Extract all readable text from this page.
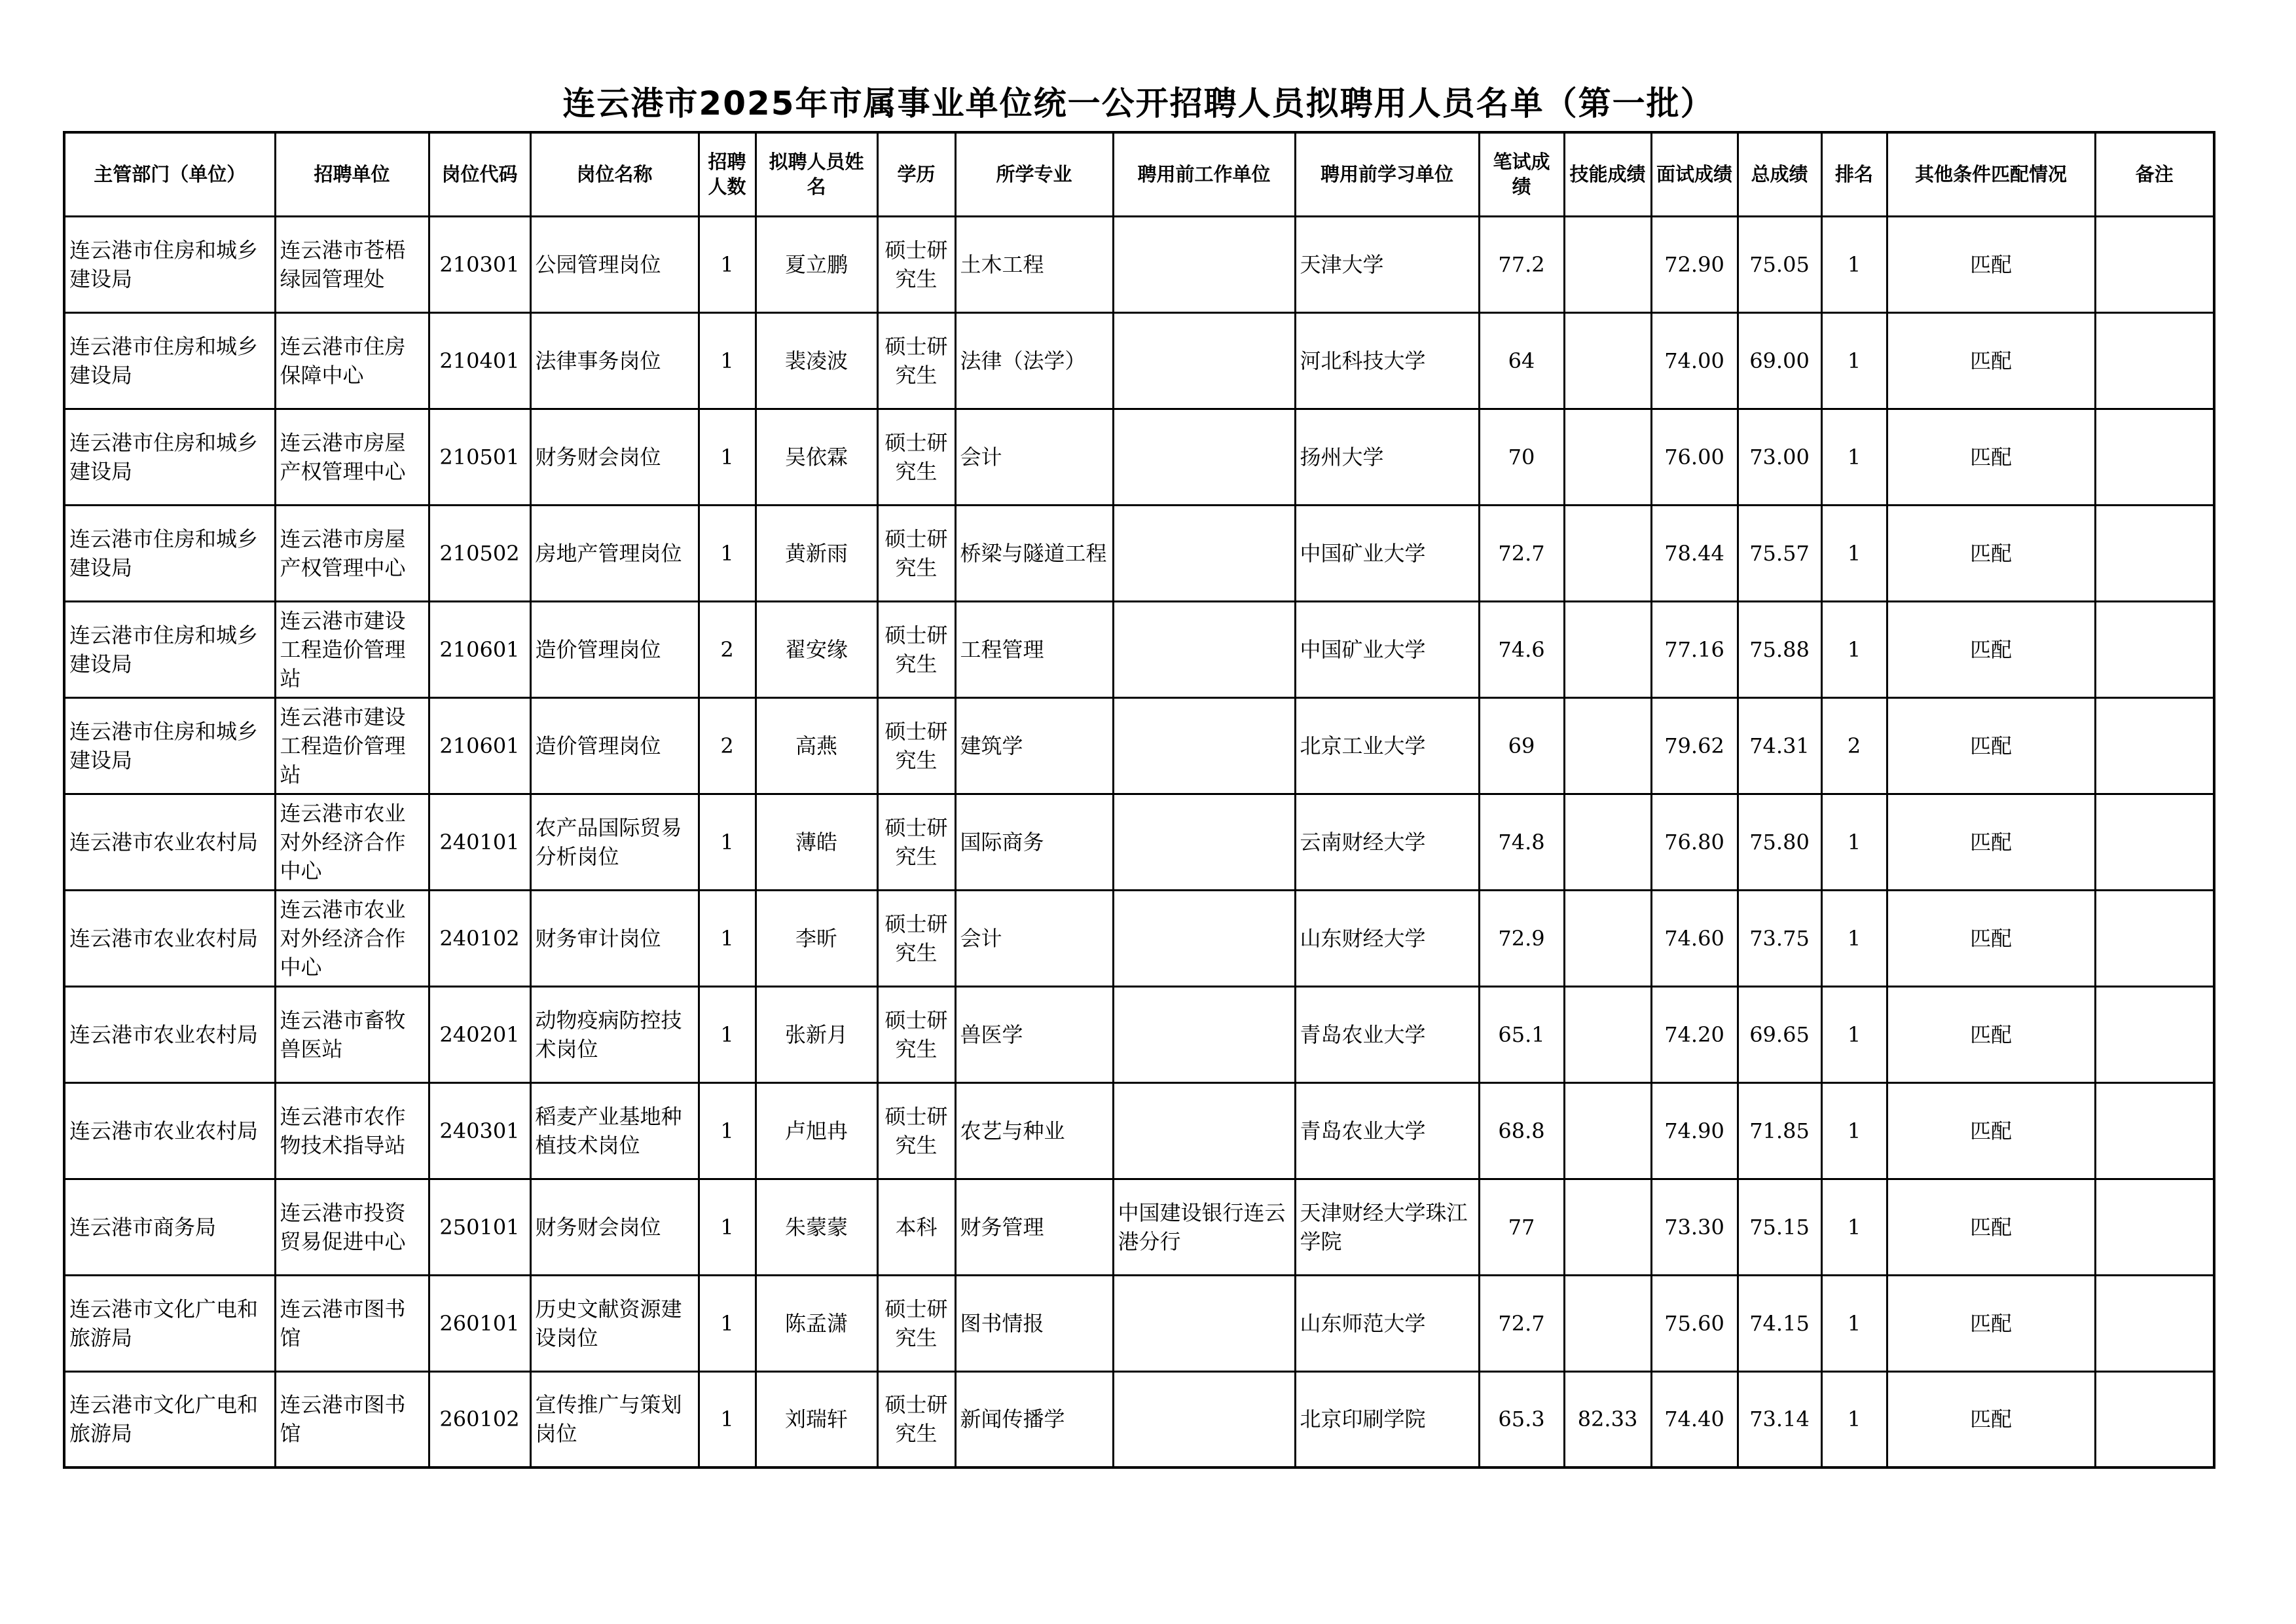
连云港市2025年市属事业单位统一公开招聘人员拟聘用人员名单（第一批）
主管部门（单位）	招聘单位	岗位代码	岗位名称	招聘人数	拟聘人员姓名	学历	所学专业	聘用前工作单位	聘用前学习单位	笔试成绩	技能成绩	面试成绩	总成绩	排名	其他条件匹配情况	备注
连云港市住房和城乡建设局	连云港市苍梧绿园管理处	210301	公园管理岗位	1	夏立鹏	硕士研究生	土木工程		天津大学	77.2		72.90	75.05	1	匹配	
连云港市住房和城乡建设局	连云港市住房保障中心	210401	法律事务岗位	1	裴凌波	硕士研究生	法律（法学）		河北科技大学	64		74.00	69.00	1	匹配	
连云港市住房和城乡建设局	连云港市房屋产权管理中心	210501	财务财会岗位	1	吴依霖	硕士研究生	会计		扬州大学	70		76.00	73.00	1	匹配	
连云港市住房和城乡建设局	连云港市房屋产权管理中心	210502	房地产管理岗位	1	黄新雨	硕士研究生	桥梁与隧道工程		中国矿业大学	72.7		78.44	75.57	1	匹配	
连云港市住房和城乡建设局	连云港市建设工程造价管理站	210601	造价管理岗位	2	翟安缘	硕士研究生	工程管理		中国矿业大学	74.6		77.16	75.88	1	匹配	
连云港市住房和城乡建设局	连云港市建设工程造价管理站	210601	造价管理岗位	2	高燕	硕士研究生	建筑学		北京工业大学	69		79.62	74.31	2	匹配	
连云港市农业农村局	连云港市农业对外经济合作中心	240101	农产品国际贸易分析岗位	1	薄皓	硕士研究生	国际商务		云南财经大学	74.8		76.80	75.80	1	匹配	
连云港市农业农村局	连云港市农业对外经济合作中心	240102	财务审计岗位	1	李昕	硕士研究生	会计		山东财经大学	72.9		74.60	73.75	1	匹配	
连云港市农业农村局	连云港市畜牧兽医站	240201	动物疫病防控技术岗位	1	张新月	硕士研究生	兽医学		青岛农业大学	65.1		74.20	69.65	1	匹配	
连云港市农业农村局	连云港市农作物技术指导站	240301	稻麦产业基地种植技术岗位	1	卢旭冉	硕士研究生	农艺与种业		青岛农业大学	68.8		74.90	71.85	1	匹配	
连云港市商务局	连云港市投资贸易促进中心	250101	财务财会岗位	1	朱蒙蒙	本科	财务管理	中国建设银行连云港分行	天津财经大学珠江学院	77		73.30	75.15	1	匹配	
连云港市文化广电和旅游局	连云港市图书馆	260101	历史文献资源建设岗位	1	陈孟潇	硕士研究生	图书情报		山东师范大学	72.7		75.60	74.15	1	匹配	
连云港市文化广电和旅游局	连云港市图书馆	260102	宣传推广与策划岗位	1	刘瑞轩	硕士研究生	新闻传播学		北京印刷学院	65.3	82.33	74.40	73.14	1	匹配	
